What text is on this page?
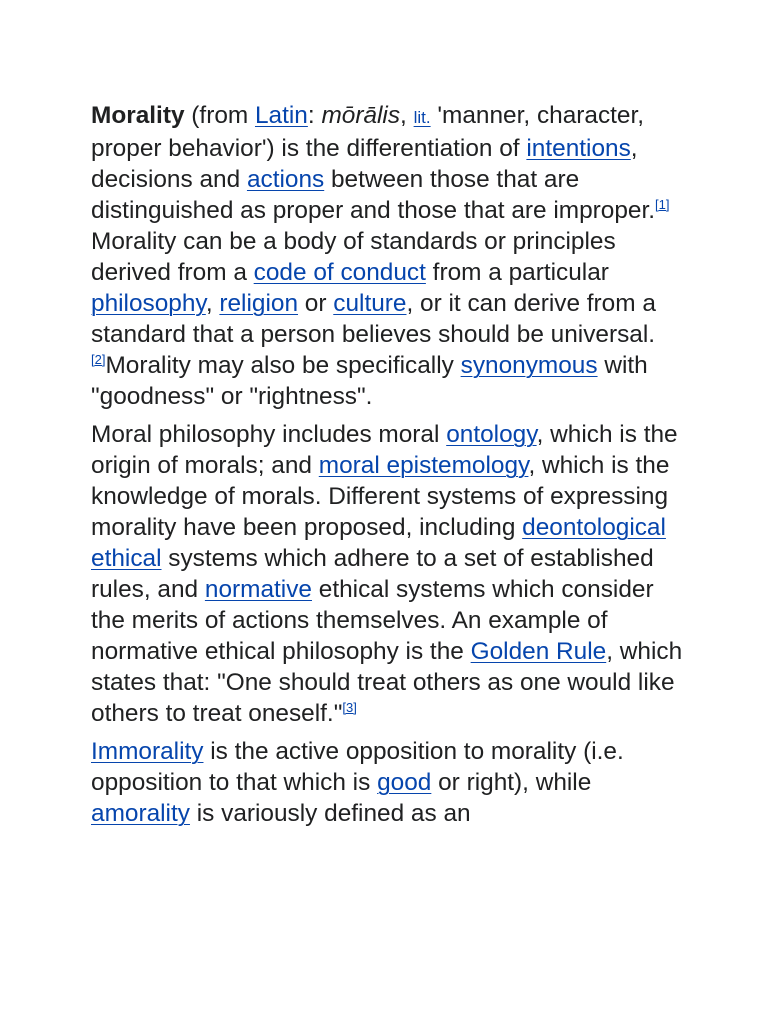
Morality (from Latin: mōrālis, lit. 'manner, character, proper behavior') is the differentiation of intentions, decisions and actions between those that are distinguished as proper and those that are improper.[1] Morality can be a body of standards or principles derived from a code of conduct from a particular philosophy, religion or culture, or it can derive from a standard that a person believes should be universal.[2]Morality may also be specifically synonymous with "goodness" or "rightness".

Moral philosophy includes moral ontology, which is the origin of morals; and moral epistemology, which is the knowledge of morals. Different systems of expressing morality have been proposed, including deontological ethical systems which adhere to a set of established rules, and normative ethical systems which consider the merits of actions themselves. An example of normative ethical philosophy is the Golden Rule, which states that: "One should treat others as one would like others to treat oneself."[3]

Immorality is the active opposition to morality (i.e. opposition to that which is good or right), while amorality is variously defined as an
